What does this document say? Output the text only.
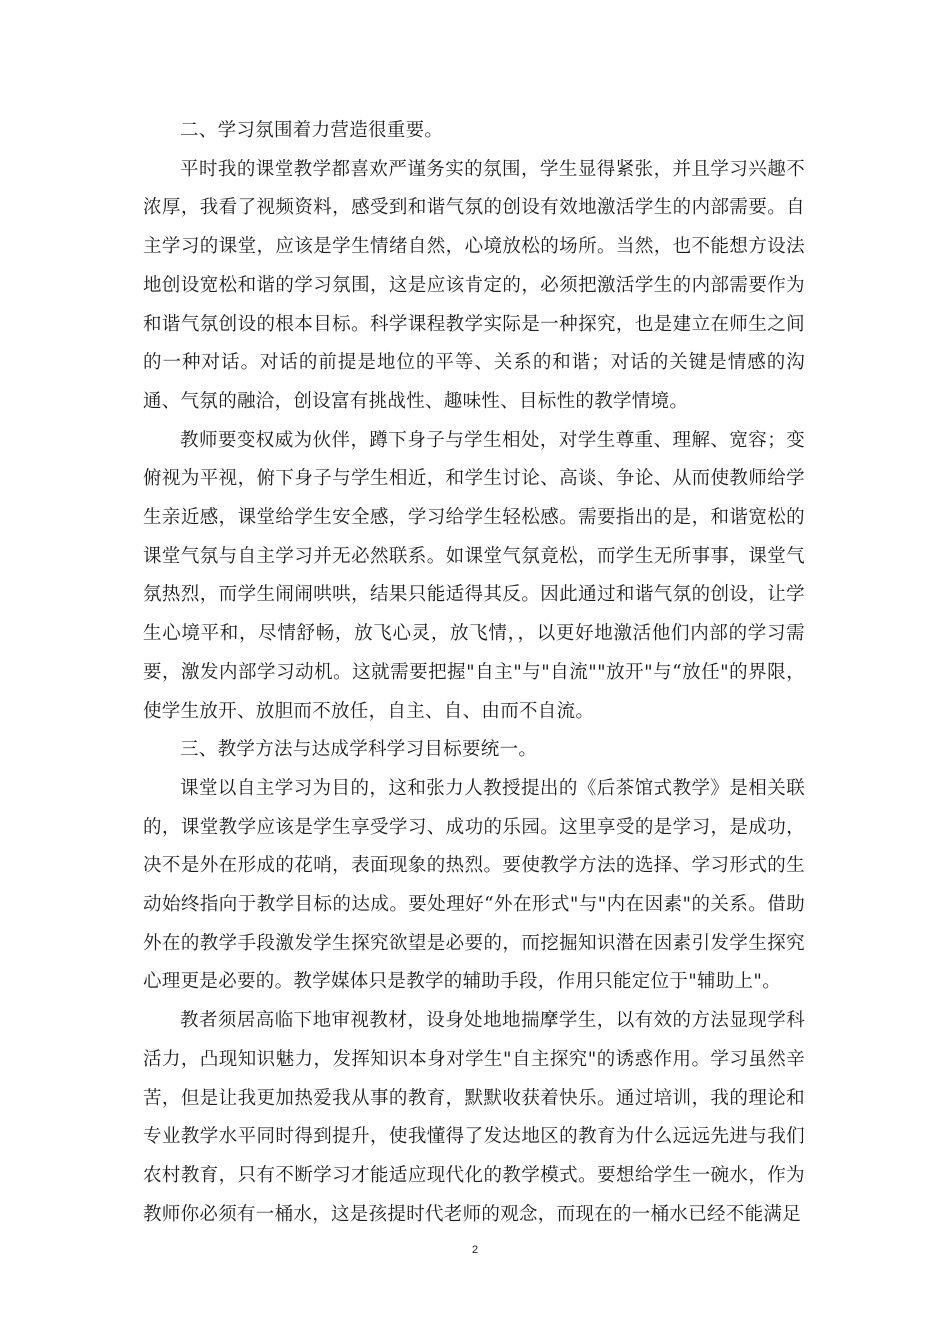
二、学习氛围着力营造很重要。

平时我的课堂教学都喜欢严谨务实的氛围，学生显得紧张，并且学习兴趣不浓厚，我看了视频资料，感受到和谐气氛的创设有效地激活学生的内部需要。自主学习的课堂，应该是学生情绪自然，心境放松的场所。当然，也不能想方设法地创设宽松和谐的学习氛围，这是应该肯定的，必须把激活学生的内部需要作为和谐气氛创设的根本目标。科学课程教学实际是一种探究，也是建立在师生之间的一种对话。对话的前提是地位的平等、关系的和谐；对话的关键是情感的沟通、气氛的融洽，创设富有挑战性、趣味性、目标性的教学情境。

教师要变权威为伙伴，蹲下身子与学生相处，对学生尊重、理解、宽容；变俯视为平视，俯下身子与学生相近，和学生讨论、高谈、争论、从而使教师给学生亲近感，课堂给学生安全感，学习给学生轻松感。需要指出的是，和谐宽松的课堂气氛与自主学习并无必然联系。如课堂气氛竟松，而学生无所事事，课堂气氛热烈，而学生闹闹哄哄，结果只能适得其反。因此通过和谐气氛的创设，让学生心境平和，尽情舒畅，放飞心灵，放飞情，，以更好地激活他们内部的学习需要，激发内部学习动机。这就需要把握"自主"与"自流""放开"与“放任"的界限，使学生放开、放胆而不放任，自主、自、由而不自流。

三、教学方法与达成学科学习目标要统一。

课堂以自主学习为目的，这和张力人教授提出的《后茶馆式教学》是相关联的，课堂教学应该是学生享受学习、成功的乐园。这里享受的是学习，是成功，决不是外在形成的花哨，表面现象的热烈。要使教学方法的选择、学习形式的生动始终指向于教学目标的达成。要处理好“外在形式"与"内在因素"的关系。借助外在的教学手段激发学生探究欲望是必要的，而挖掘知识潜在因素引发学生探究心理更是必要的。教学媒体只是教学的辅助手段，作用只能定位于"辅助上"。

教者须居高临下地审视教材，设身处地地揣摩学生，以有效的方法显现学科活力，凸现知识魅力，发挥知识本身对学生"自主探究"的诱惑作用。学习虽然辛苦，但是让我更加热爱我从事的教育，默默收获着快乐。通过培训，我的理论和专业教学水平同时得到提升，使我懂得了发达地区的教育为什么远远先进与我们农村教育，只有不断学习才能适应现代化的教学模式。要想给学生一碗水，作为教师你必须有一桶水，这是孩提时代老师的观念，而现在的一桶水已经不能满足

2
